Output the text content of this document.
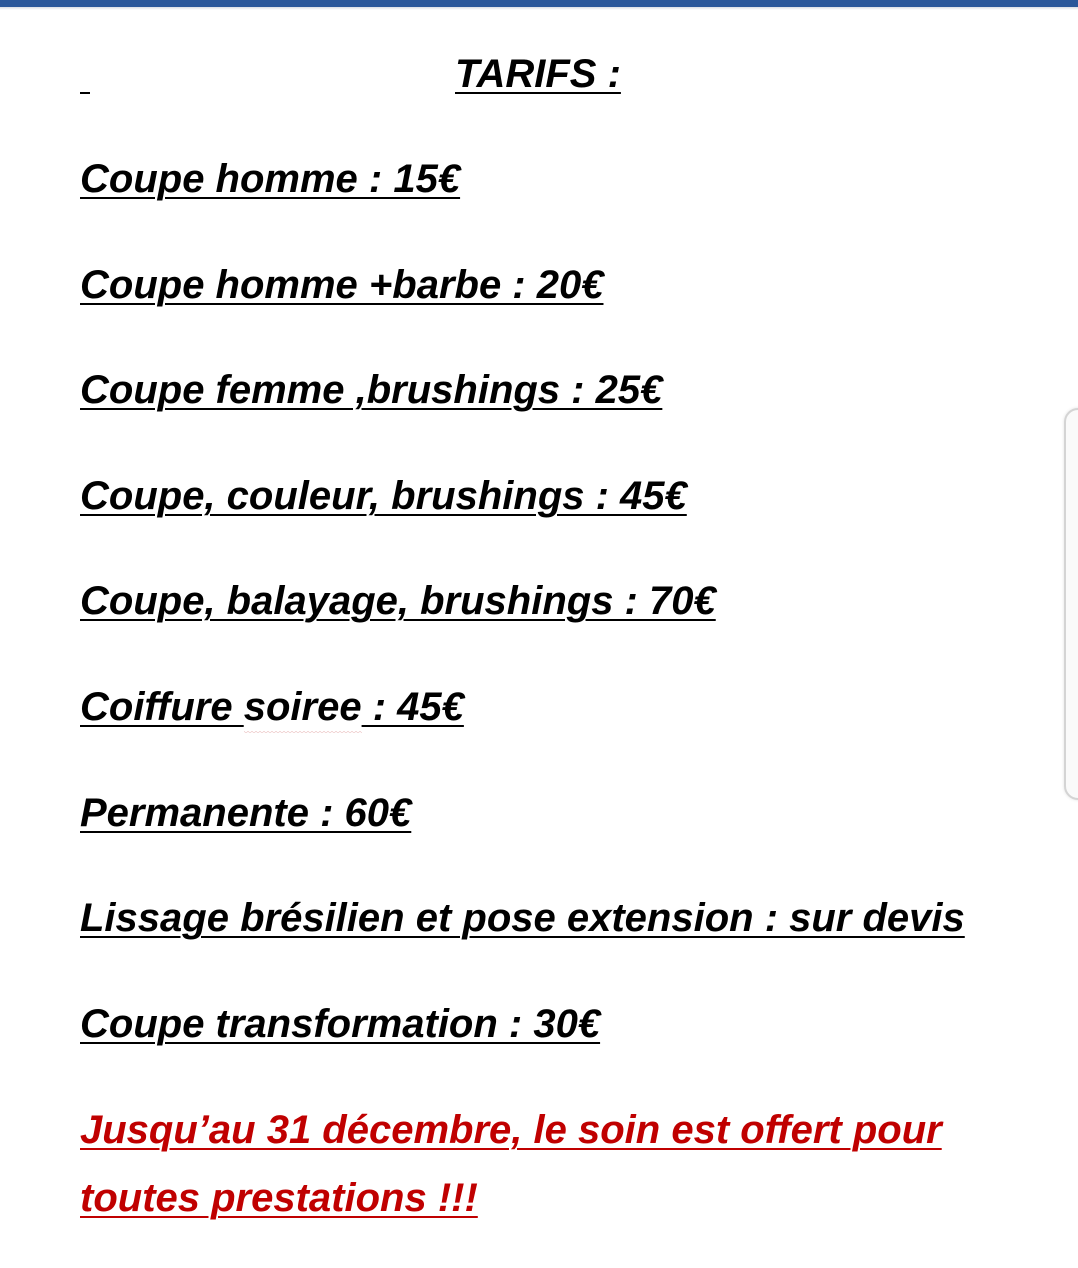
TARIFS :

Coupe homme : 15€

Coupe homme +barbe : 20€

Coupe femme ,brushings : 25€

Coupe, couleur, brushings : 45€

Coupe, balayage, brushings : 70€

Coiffure soiree : 45€

Permanente : 60€

Lissage brésilien et pose extension : sur devis

Coupe transformation : 30€

Jusqu’au 31 décembre, le soin est offert pour toutes prestations !!!
